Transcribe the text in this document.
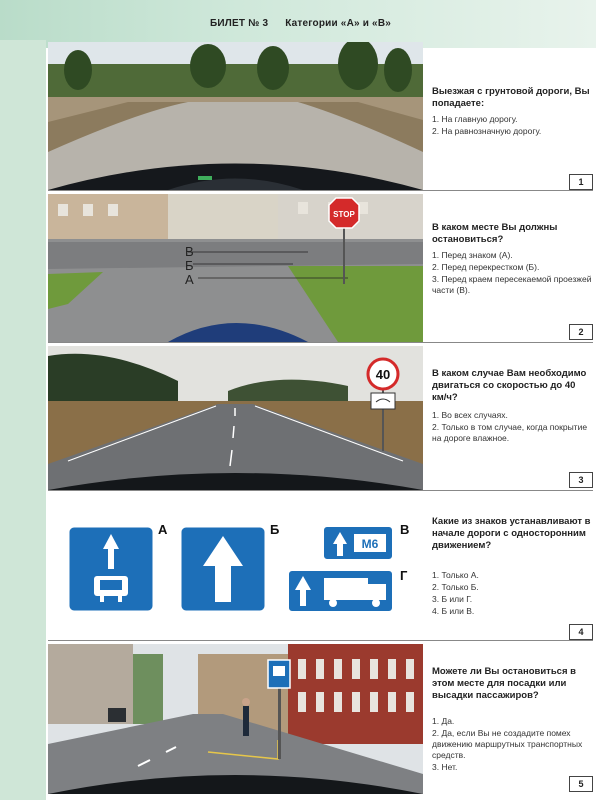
БИЛЕТ № 3 Категории «А» и «В»
Выезжая с грунтовой дороги, Вы попадаете:
1. На главную дорогу.
2. На равнозначную дорогу.
1
В
Б
А
STOP
В каком месте Вы должны остановиться?
1. Перед знаком (А).
2. Перед перекрестком (Б).
3. Перед краем пересекаемой проезжей части (В).
2
40	В каком случае Вам необходимо двигаться со скоростью до 40 км/ч?
1. Во всех случаях.
2. Только в том случае, когда покрытие на дороге влажное.
3
А	Б
М6
В
Г
Какие из знаков устанавливают в начале дороги с односторонним движением?
1. Только А.
2. Только Б.
3. Б или Г.
4. Б или В.
4
Можете ли Вы остановиться в этом месте для посадки или высадки пассажиров?
1. Да.
2. Да, если Вы не создадите помех движению маршрутных транспортных средств.
3. Нет.
5
